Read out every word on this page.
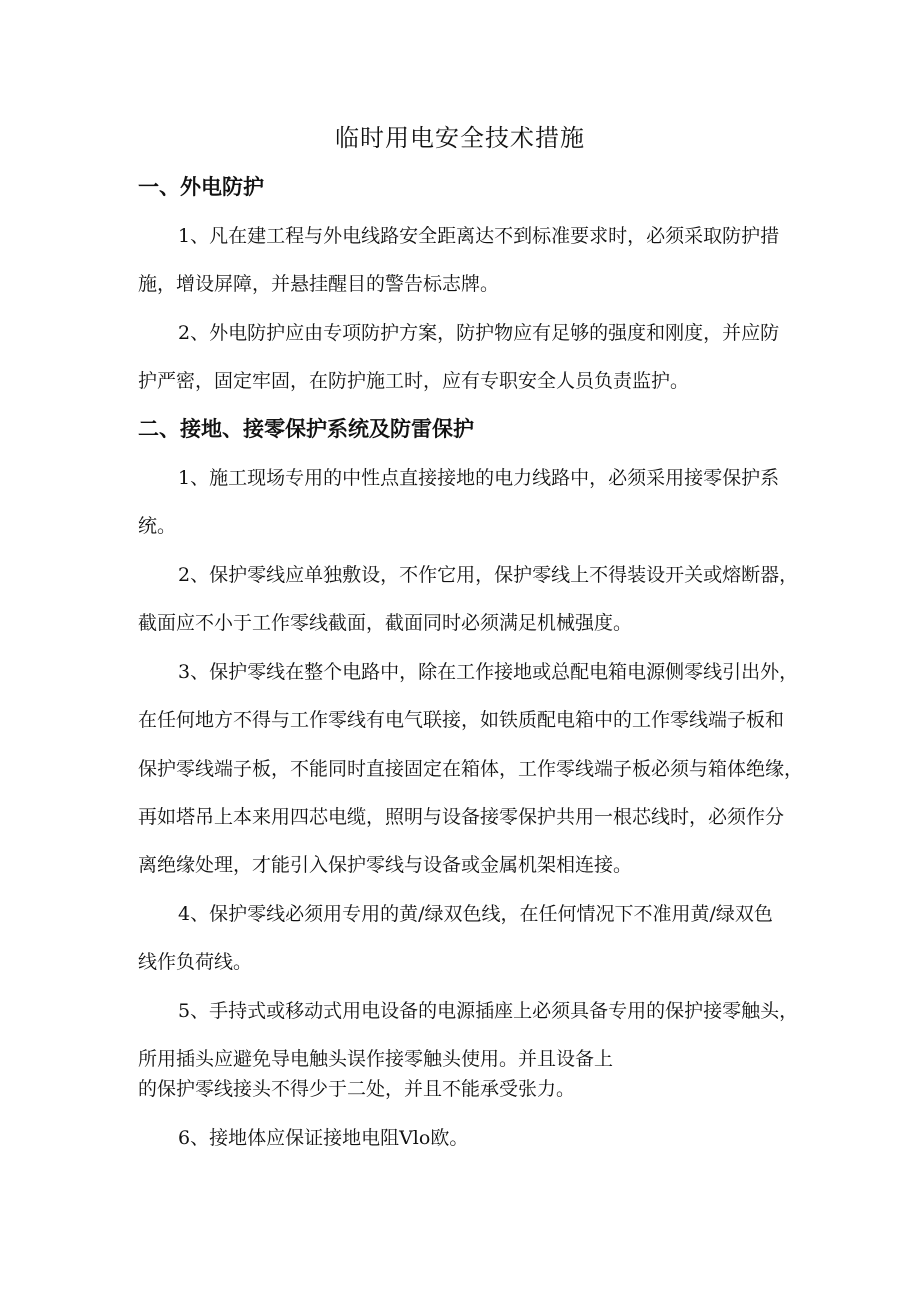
临时用电安全技术措施
一、外电防护

1、凡在建工程与外电线路安全距离达不到标准要求时，必须采取防护措

施，增设屏障，并悬挂醒目的警告标志牌。

2、外电防护应由专项防护方案，防护物应有足够的强度和刚度，并应防

护严密，固定牢固，在防护施工时，应有专职安全人员负责监护。

二、接地、接零保护系统及防雷保护

1、施工现场专用的中性点直接接地的电力线路中，必须采用接零保护系

统。

2、保护零线应单独敷设，不作它用，保护零线上不得装设开关或熔断器，

截面应不小于工作零线截面，截面同时必须满足机械强度。

3、保护零线在整个电路中，除在工作接地或总配电箱电源侧零线引出外，

在任何地方不得与工作零线有电气联接，如铁质配电箱中的工作零线端子板和

保护零线端子板，不能同时直接固定在箱体，工作零线端子板必须与箱体绝缘，

再如塔吊上本来用四芯电缆，照明与设备接零保护共用一根芯线时，必须作分

离绝缘处理，才能引入保护零线与设备或金属机架相连接。

4、保护零线必须用专用的黄/绿双色线，在任何情况下不准用黄/绿双色

线作负荷线。

5、手持式或移动式用电设备的电源插座上必须具备专用的保护接零触头，

所用插头应避免导电触头误作接零触头使用。并且设备上

的保护零线接头不得少于二处，并且不能承受张力。

6、接地体应保证接地电阻Vlo欧。
